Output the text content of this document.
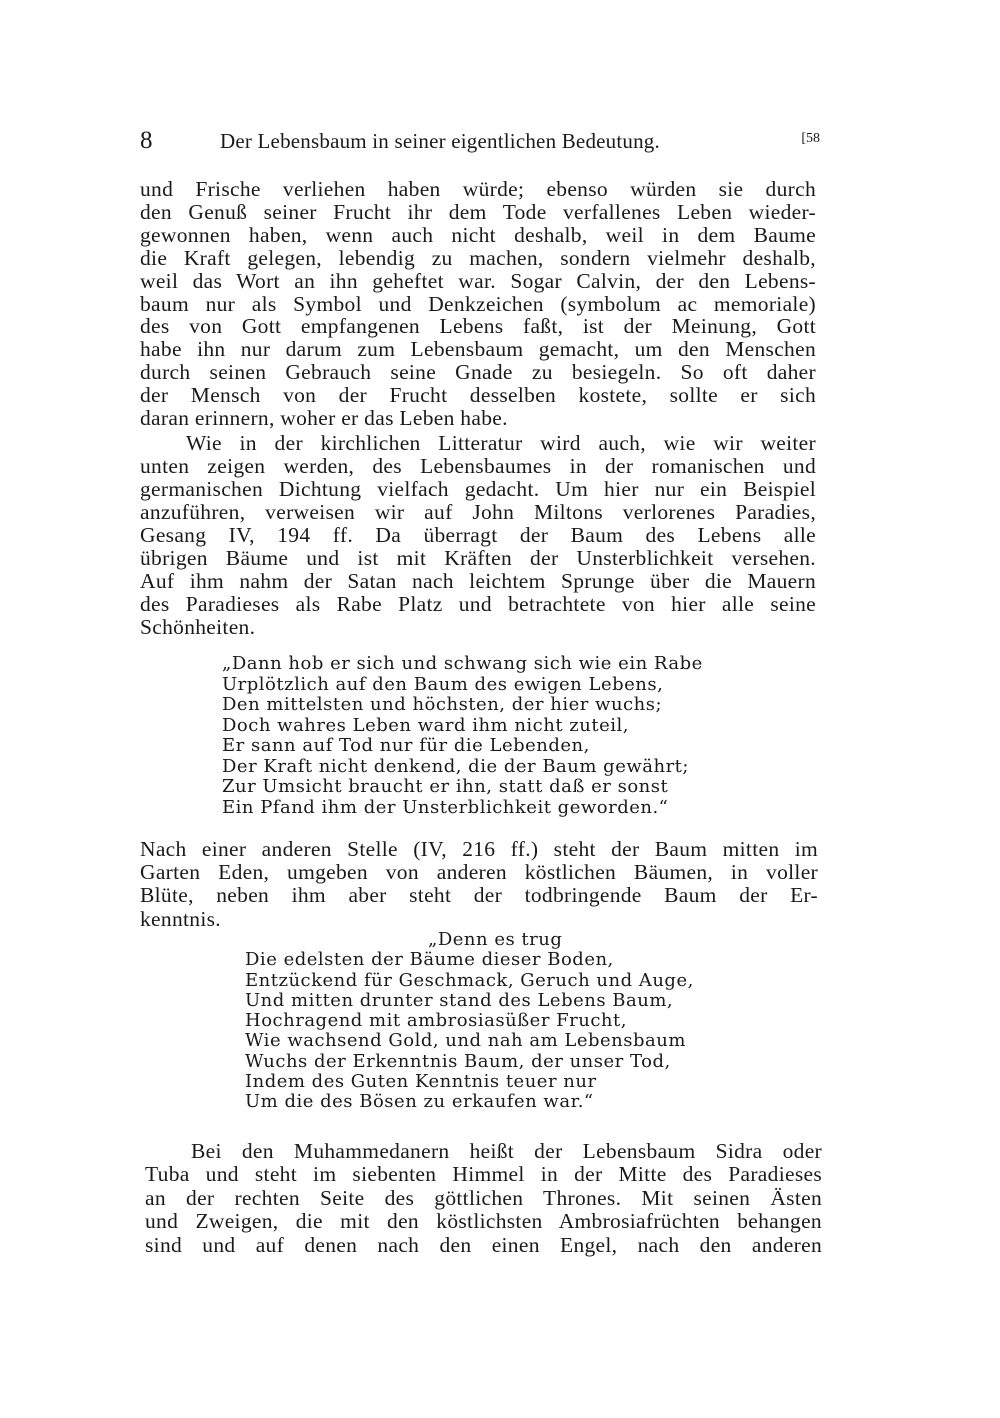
8	Der Lebensbaum in seiner eigentlichen Bedeutung.	[58
und Frische verliehen haben würde; ebenso würden sie durch
den Genuß seiner Frucht ihr dem Tode verfallenes Leben wieder-
gewonnen haben, wenn auch nicht deshalb, weil in dem Baume
die Kraft gelegen, lebendig zu machen, sondern vielmehr deshalb,
weil das Wort an ihn geheftet war. Sogar Calvin, der den Lebens-
baum nur als Symbol und Denkzeichen (symbolum ac memoriale)
des von Gott empfangenen Lebens faßt, ist der Meinung, Gott
habe ihn nur darum zum Lebensbaum gemacht, um den Menschen
durch seinen Gebrauch seine Gnade zu besiegeln. So oft daher
der Mensch von der Frucht desselben kostete, sollte er sich
daran erinnern, woher er das Leben habe.
Wie in der kirchlichen Litteratur wird auch, wie wir weiter
unten zeigen werden, des Lebensbaumes in der romanischen und
germanischen Dichtung vielfach gedacht. Um hier nur ein Beispiel
anzuführen, verweisen wir auf John Miltons verlorenes Paradies,
Gesang IV, 194 ff. Da überragt der Baum des Lebens alle
übrigen Bäume und ist mit Kräften der Unsterblichkeit versehen.
Auf ihm nahm der Satan nach leichtem Sprunge über die Mauern
des Paradieses als Rabe Platz und betrachtete von hier alle seine
Schönheiten.
„Dann hob er sich und schwang sich wie ein Rabe
Urplötzlich auf den Baum des ewigen Lebens,
Den mittelsten und höchsten, der hier wuchs;
Doch wahres Leben ward ihm nicht zuteil,
Er sann auf Tod nur für die Lebenden,
Der Kraft nicht denkend, die der Baum gewährt;
Zur Umsicht braucht er ihn, statt daß er sonst
Ein Pfand ihm der Unsterblichkeit geworden.“
Nach einer anderen Stelle (IV, 216 ff.) steht der Baum mitten im
Garten Eden, umgeben von anderen köstlichen Bäumen, in voller
Blüte, neben ihm aber steht der todbringende Baum der Er-
kenntnis.
„Denn es trug
Die edelsten der Bäume dieser Boden,
Entzückend für Geschmack, Geruch und Auge,
Und mitten drunter stand des Lebens Baum,
Hochragend mit ambrosiasüßer Frucht,
Wie wachsend Gold, und nah am Lebensbaum
Wuchs der Erkenntnis Baum, der unser Tod,
Indem des Guten Kenntnis teuer nur
Um die des Bösen zu erkaufen war.“
Bei den Muhammedanern heißt der Lebensbaum Sidra oder
Tuba und steht im siebenten Himmel in der Mitte des Paradieses
an der rechten Seite des göttlichen Thrones. Mit seinen Ästen
und Zweigen, die mit den köstlichsten Ambrosiafrüchten behangen
sind und auf denen nach den einen Engel, nach den anderen
